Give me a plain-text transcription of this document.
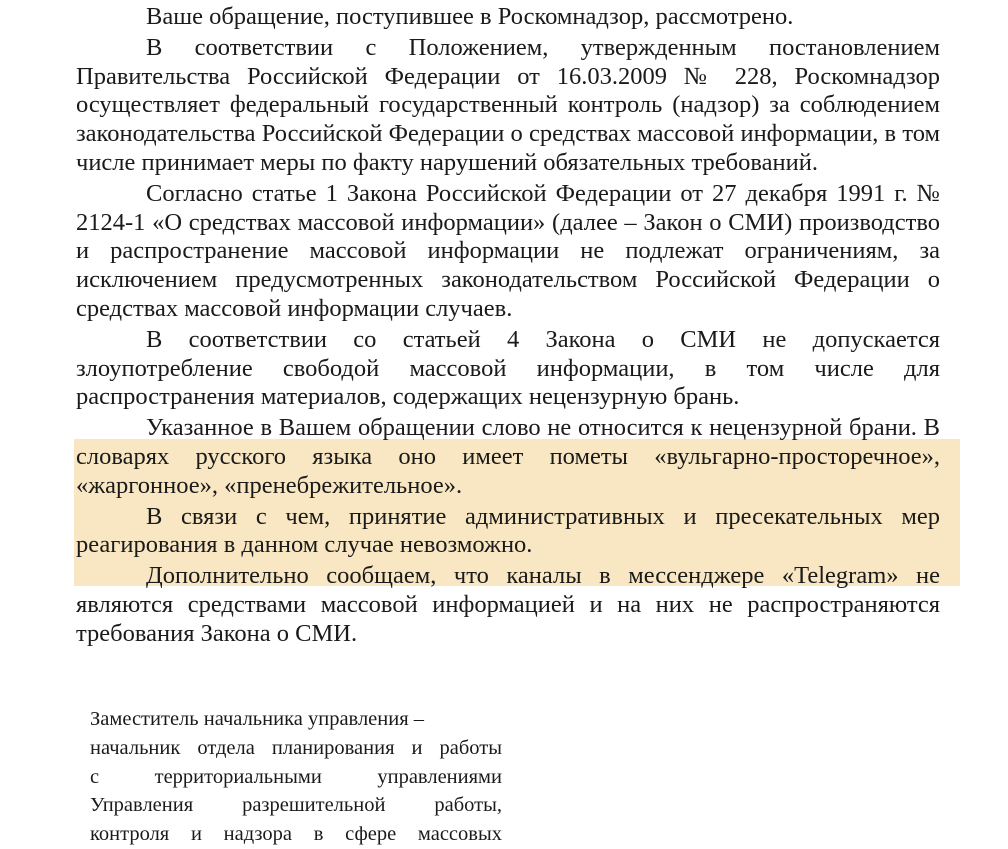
Ваше обращение, поступившее в Роскомнадзор, рассмотрено.

В соответствии с Положением, утвержденным постановлением Правительства Российской Федерации от 16.03.2009 № 228, Роскомнадзор осуществляет федеральный государственный контроль (надзор) за соблюдением законодательства Российской Федерации о средствах массовой информации, в том числе принимает меры по факту нарушений обязательных требований.

Согласно статье 1 Закона Российской Федерации от 27 декабря 1991 г. № 2124-1 «О средствах массовой информации» (далее – Закон о СМИ) производство и распространение массовой информации не подлежат ограничениям, за исключением предусмотренных законодательством Российской Федерации о средствах массовой информации случаев.

В соответствии со статьей 4 Закона о СМИ не допускается злоупотребление свободой массовой информации, в том числе для распространения материалов, содержащих нецензурную брань.

Указанное в Вашем обращении слово не относится к нецензурной брани. В словарях русского языка оно имеет пометы «вульгарно-просторечное», «жаргонное», «пренебрежительное».

В связи с чем, принятие административных и пресекательных мер реагирования в данном случае невозможно.

Дополнительно сообщаем, что каналы в мессенджере «Telegram» не являются средствами массовой информацией и на них не распространяются требования Закона о СМИ.

Заместитель начальника управления –

начальник отдела планирования и работы

с территориальными управлениями

Управления разрешительной работы,

контроля и надзора в сфере массовых
